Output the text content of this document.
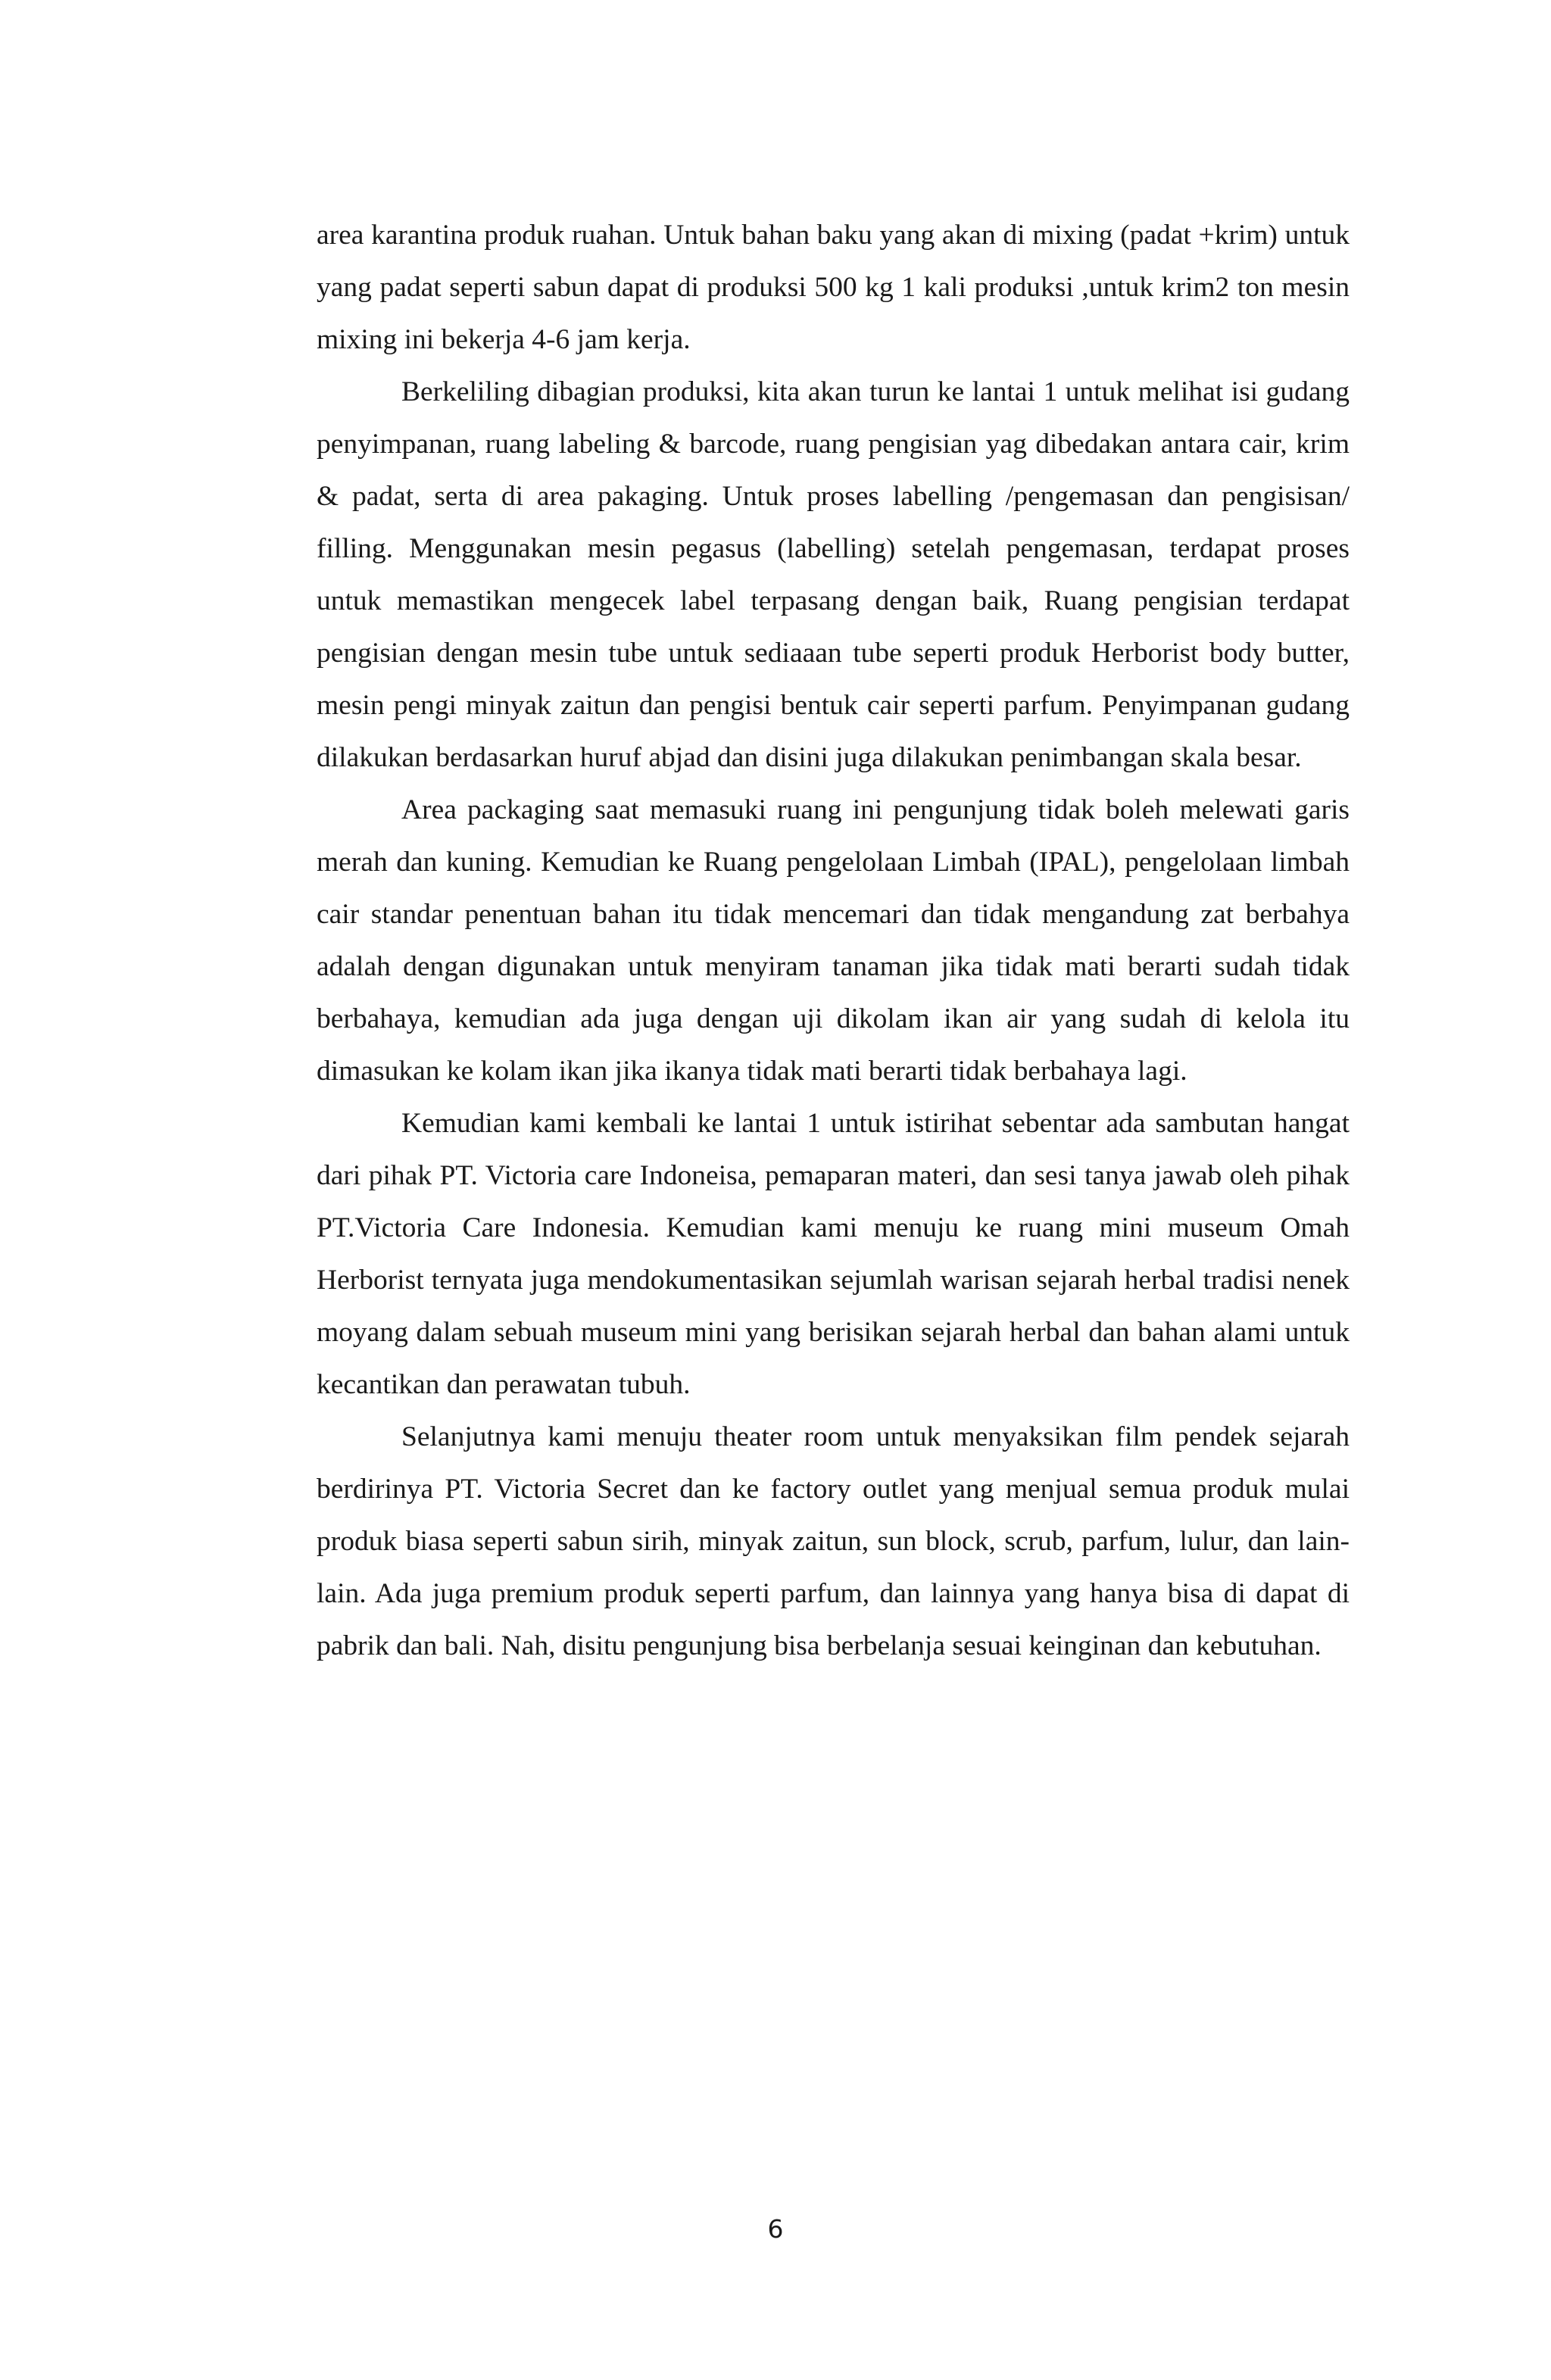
area karantina produk ruahan. Untuk bahan baku yang akan di mixing (padat +krim) untuk yang padat seperti sabun dapat di produksi 500 kg 1 kali produksi ,untuk krim2 ton mesin mixing ini bekerja 4-6 jam kerja.

Berkeliling dibagian produksi, kita akan turun ke lantai 1 untuk melihat isi gudang penyimpanan, ruang labeling & barcode, ruang pengisian yag dibedakan antara cair, krim & padat, serta di area pakaging. Untuk proses labelling /pengemasan dan pengisisan/ filling. Menggunakan mesin pegasus (labelling) setelah pengemasan, terdapat proses untuk memastikan mengecek label terpasang dengan baik, Ruang pengisian terdapat pengisian dengan mesin tube untuk sediaaan tube seperti produk Herborist body butter, mesin pengi minyak zaitun dan pengisi bentuk cair seperti parfum. Penyimpanan gudang dilakukan berdasarkan huruf abjad dan disini juga dilakukan penimbangan skala besar.

Area packaging saat memasuki ruang ini pengunjung tidak boleh melewati garis merah dan kuning. Kemudian ke Ruang pengelolaan Limbah (IPAL), pengelolaan limbah cair standar penentuan bahan itu tidak mencemari dan tidak mengandung zat berbahya adalah dengan digunakan untuk menyiram tanaman jika tidak mati berarti sudah tidak berbahaya, kemudian ada juga dengan uji dikolam ikan air yang sudah di kelola itu dimasukan ke kolam ikan jika ikanya tidak mati berarti tidak berbahaya lagi.

Kemudian kami kembali ke lantai 1 untuk istirihat sebentar ada sambutan hangat dari pihak PT. Victoria care Indoneisa, pemaparan materi, dan sesi tanya jawab oleh pihak PT.Victoria Care Indonesia. Kemudian kami menuju ke ruang mini museum Omah Herborist ternyata juga mendokumentasikan sejumlah warisan sejarah herbal tradisi nenek moyang dalam sebuah museum mini yang berisikan sejarah herbal dan bahan alami untuk kecantikan dan perawatan tubuh.

Selanjutnya kami menuju theater room untuk menyaksikan film pendek sejarah berdirinya PT. Victoria Secret dan ke factory outlet yang menjual semua produk mulai produk biasa seperti sabun sirih, minyak zaitun, sun block, scrub, parfum, lulur, dan lain-lain. Ada juga premium produk seperti parfum, dan lainnya yang hanya bisa di dapat di pabrik dan bali. Nah, disitu pengunjung bisa berbelanja sesuai keinginan dan kebutuhan.

6
